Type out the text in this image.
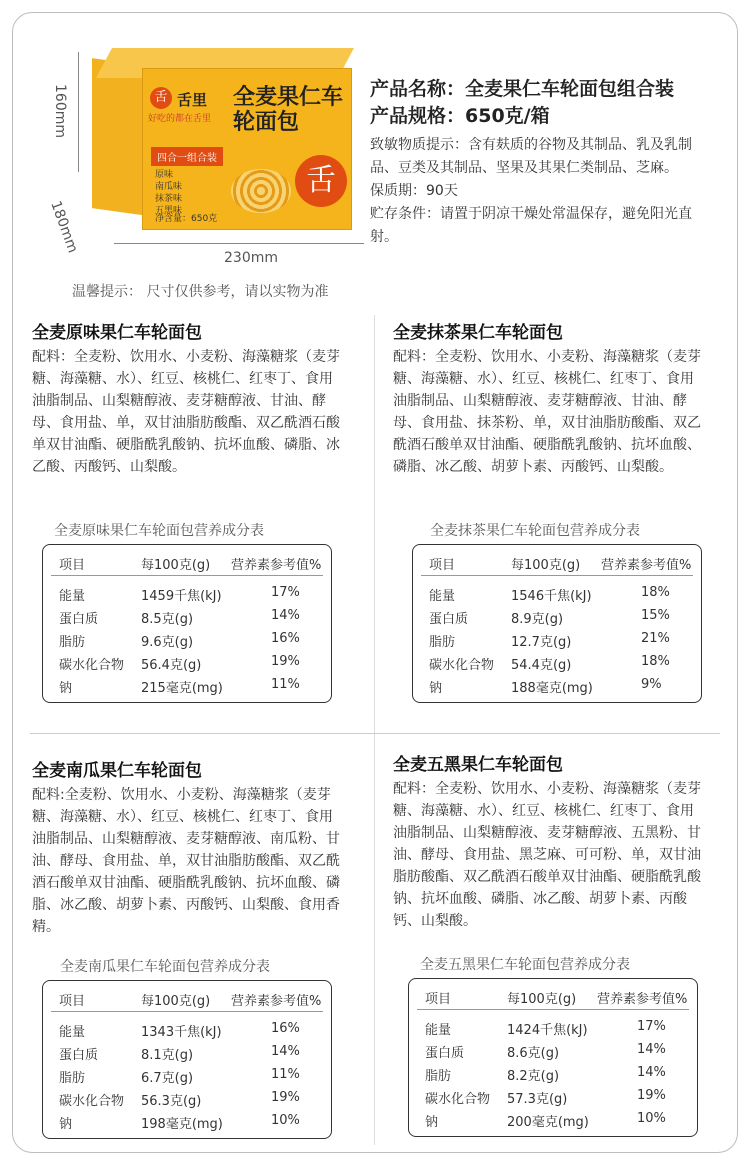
160mm
180mm
230mm
舌 舌里
好吃的都在舌里
全麦果仁车轮面包
四合一组合装
原味
南瓜味
抹茶味
五黑味
舌
净含量：650克
温馨提示： 尺寸仅供参考，请以实物为准
产品名称：全麦果仁车轮面包组合装
产品规格：650克/箱
致敏物质提示：含有麸质的谷物及其制品、乳及乳制品、豆类及其制品、坚果及其果仁类制品、芝麻。
保质期：90天
贮存条件：请置于阴凉干燥处常温保存，避免阳光直射。
全麦原味果仁车轮面包
配料：全麦粉、饮用水、小麦粉、海藻糖浆（麦芽糖、海藻糖、水）、红豆、核桃仁、红枣丁、食用油脂制品、山梨糖醇液、麦芽糖醇液、甘油、酵母、食用盐、单，双甘油脂肪酸酯、双乙酰酒石酸单双甘油酯、硬脂酰乳酸钠、抗坏血酸、磷脂、冰乙酸、丙酸钙、山梨酸。
全麦原味果仁车轮面包营养成分表
项目	每100克(g) 营养素参考值%
能量	1459千焦(kJ)	17%
蛋白质	8.5克(g)	14%
脂肪	9.6克(g)	16%
碳水化合物 56.4克(g)	19%
钠	215毫克(mg)	11%
全麦抹茶果仁车轮面包
配料：全麦粉、饮用水、小麦粉、海藻糖浆（麦芽糖、海藻糖、水）、红豆、核桃仁、红枣丁、食用油脂制品、山梨糖醇液、麦芽糖醇液、甘油、酵母、食用盐、抹茶粉、单，双甘油脂肪酸酯、双乙酰酒石酸单双甘油酯、硬脂酰乳酸钠、抗坏血酸、磷脂、冰乙酸、胡萝卜素、丙酸钙、山梨酸。
全麦抹茶果仁车轮面包营养成分表
项目	每100克(g) 营养素参考值%
能量	1546千焦(kJ)	18%
蛋白质	8.9克(g)	15%
脂肪	12.7克(g)	21%
碳水化合物 54.4克(g)	18%
钠	188毫克(mg)	9%
全麦南瓜果仁车轮面包
配料:全麦粉、饮用水、小麦粉、海藻糖浆（麦芽糖、海藻糖、水）、红豆、核桃仁、红枣丁、食用油脂制品、山梨糖醇液、麦芽糖醇液、南瓜粉、甘油、酵母、食用盐、单，双甘油脂肪酸酯、双乙酰酒石酸单双甘油酯、硬脂酰乳酸钠、抗坏血酸、磷脂、冰乙酸、胡萝卜素、丙酸钙、山梨酸、食用香精。
全麦南瓜果仁车轮面包营养成分表
项目	每100克(g) 营养素参考值%
能量	1343千焦(kJ)	16%
蛋白质	8.1克(g)	14%
脂肪	6.7克(g)	11%
碳水化合物 56.3克(g)	19%
钠	198毫克(mg)	10%
全麦五黑果仁车轮面包
配料：全麦粉、饮用水、小麦粉、海藻糖浆（麦芽糖、海藻糖、水）、红豆、核桃仁、红枣丁、食用油脂制品、山梨糖醇液、麦芽糖醇液、五黑粉、甘油、酵母、食用盐、黑芝麻、可可粉、单，双甘油脂肪酸酯、双乙酰酒石酸单双甘油酯、硬脂酰乳酸钠、抗坏血酸、磷脂、冰乙酸、胡萝卜素、丙酸钙、山梨酸。
全麦五黑果仁车轮面包营养成分表
项目	每100克(g) 营养素参考值%
能量	1424千焦(kJ)	17%
蛋白质	8.6克(g)	14%
脂肪	8.2克(g)	14%
碳水化合物 57.3克(g)	19%
钠	200毫克(mg)	10%
